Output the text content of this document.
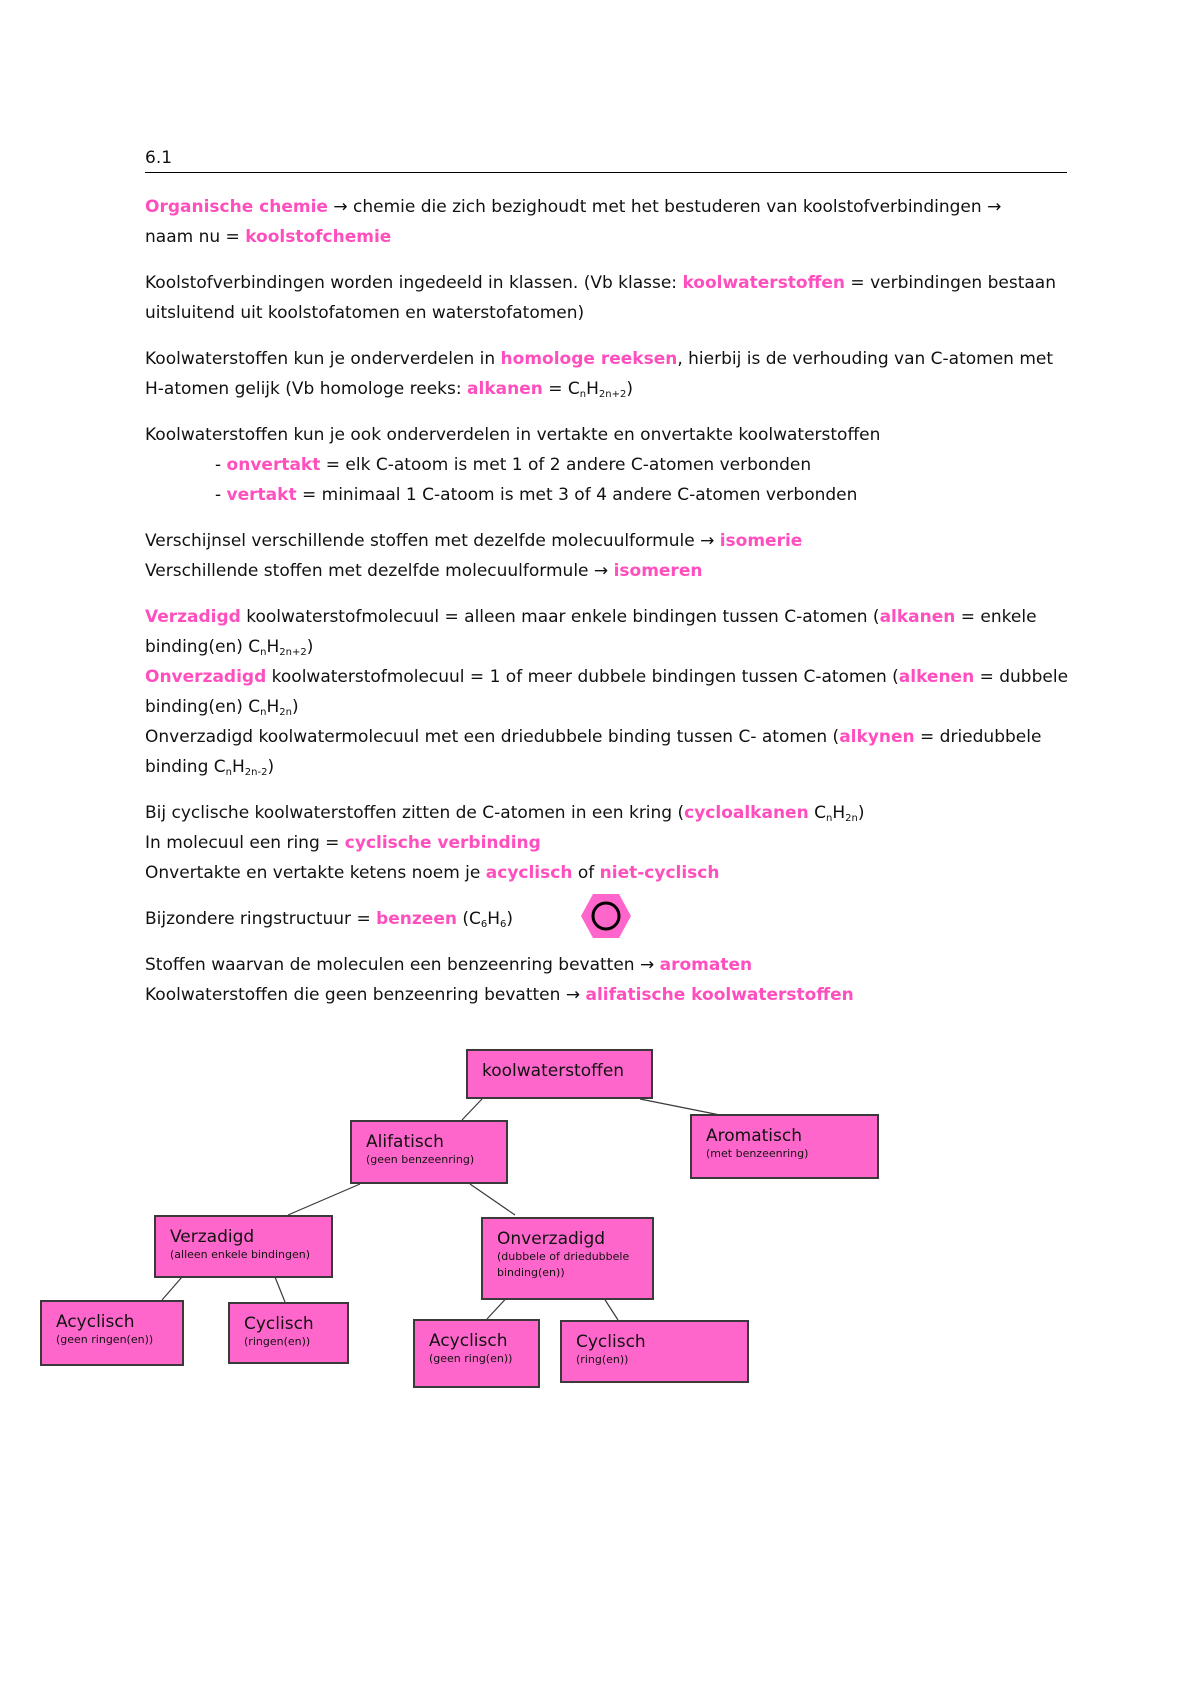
6.1

Organische chemie → chemie die zich bezighoudt met het bestuderen van koolstofverbindingen →
naam nu = koolstofchemie

Koolstofverbindingen worden ingedeeld in klassen. (Vb klasse: koolwaterstoffen = verbindingen bestaan uitsluitend uit koolstofatomen en waterstofatomen)

Koolwaterstoffen kun je onderverdelen in homologe reeksen, hierbij is de verhouding van C-atomen met H-atomen gelijk (Vb homologe reeks: alkanen = $C_nH_{2n+2}$)

Koolwaterstoffen kun je ook onderverdelen in vertakte en onvertakte koolwaterstoffen
- onvertakt = elk C-atoom is met 1 of 2 andere C-atomen verbonden
- vertakt = minimaal 1 C-atoom is met 3 of 4 andere C-atomen verbonden

Verschijnsel verschillende stoffen met dezelfde molecuulformule → isomerie
Verschillende stoffen met dezelfde molecuulformule → isomeren

Verzadigd koolwaterstofmolecuul = alleen maar enkele bindingen tussen C-atomen (alkanen = enkele binding(en) $C_nH_{2n+2}$)
Onverzadigd koolwaterstofmolecuul = 1 of meer dubbele bindingen tussen C-atomen (alkenen = dubbele binding(en) $C_nH_{2n}$)
Onverzadigd koolwatermolecuul met een driedubbele binding tussen C- atomen (alkynen = driedubbele binding $C_nH_{2n-2}$)

Bij cyclische koolwaterstoffen zitten de C-atomen in een kring (cycloalkanen $C_nH_{2n}$)
In molecuul een ring = cyclische verbinding
Onvertakte en vertakte ketens noem je acyclisch of niet-cyclisch

Bijzondere ringstructuur = benzeen $(C_6H_6)$

Stoffen waarvan de moleculen een benzeenring bevatten → aromaten
Koolwaterstoffen die geen benzeenring bevatten → alifatische koolwaterstoffen

koolwaterstoffen
Alifatisch
(geen benzeenring)
Aromatisch
(met benzeenring)
Verzadigd
(alleen enkele bindingen)
Onverzadigd
(dubbele of driedubbele binding(en))
Acyclisch
(geen ringen(en))
Cyclisch
(ringen(en))	Acyclisch
(geen ring(en))
Cyclisch
(ring(en))
